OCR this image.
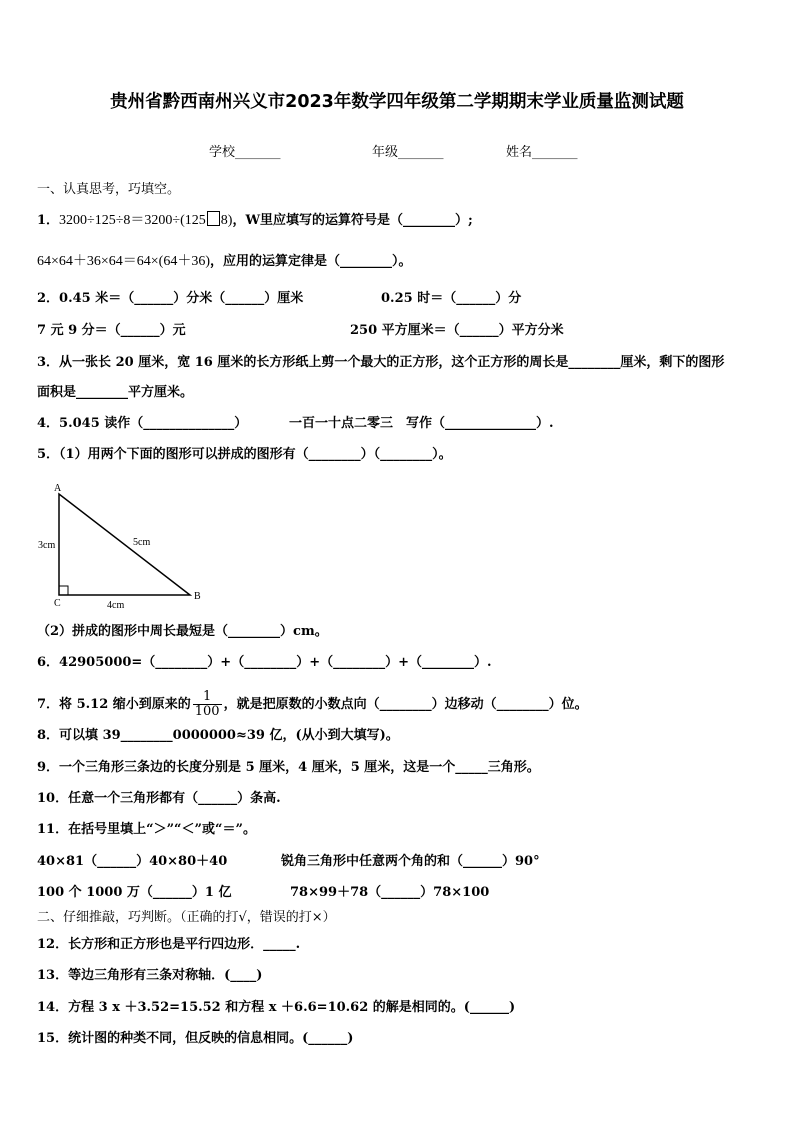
贵州省黔西南州兴义市2023年数学四年级第二学期期末学业质量监测试题
学校_______	年级_______	姓名_______
一、认真思考，巧填空。
1．3200÷125÷8＝3200÷(125 8)，W里应填写的运算符号是（________）;
64×64＋36×64＝64×(64＋36)，应用的运算定律是（________）。
2．0.45 米＝（______）分米（______）厘米	0.25 时＝（______）分
7 元 9 分＝（______）元	250 平方厘米＝（______）平方分米
3．从一张长 20 厘米，宽 16 厘米的长方形纸上剪一个最大的正方形，这个正方形的周长是________厘米，剩下的图形
面积是________平方厘米。
4．5.045 读作（______________）	一百一十点二零三　写作（______________）.
5．（1）用两个下面的图形可以拼成的图形有（________）（________）。
A
B
C
3cm	5cm
4cm
（2）拼成的图形中周长最短是（________）cm。
6．42905000=（________）+（________）+（________）+（________）.
7．将 5.12 缩小到原来的 $\frac{1}{100}$ ，就是把原数的小数点向（________）边移动（________）位。
8．可以填 39________0000000≈39 亿，(从小到大填写)。
9．一个三角形三条边的长度分别是 5 厘米，4 厘米，5 厘米，这是一个_____三角形。
10．任意一个三角形都有（______）条高.
11．在括号里填上“＞”“＜”或“＝”。
40×81（______）40×80＋40	锐角三角形中任意两个角的和（______）90°
100 个 1000 万（______）1 亿	78×99＋78（______）78×100
二、仔细推敲，巧判断。（正确的打√，错误的打×）
12．长方形和正方形也是平行四边形．_____.
13．等边三角形有三条对称轴．(____)
14．方程 3 x ＋3.52=15.52 和方程 x ＋6.6=10.62 的解是相同的。(______)
15．统计图的种类不同，但反映的信息相同。(______)
